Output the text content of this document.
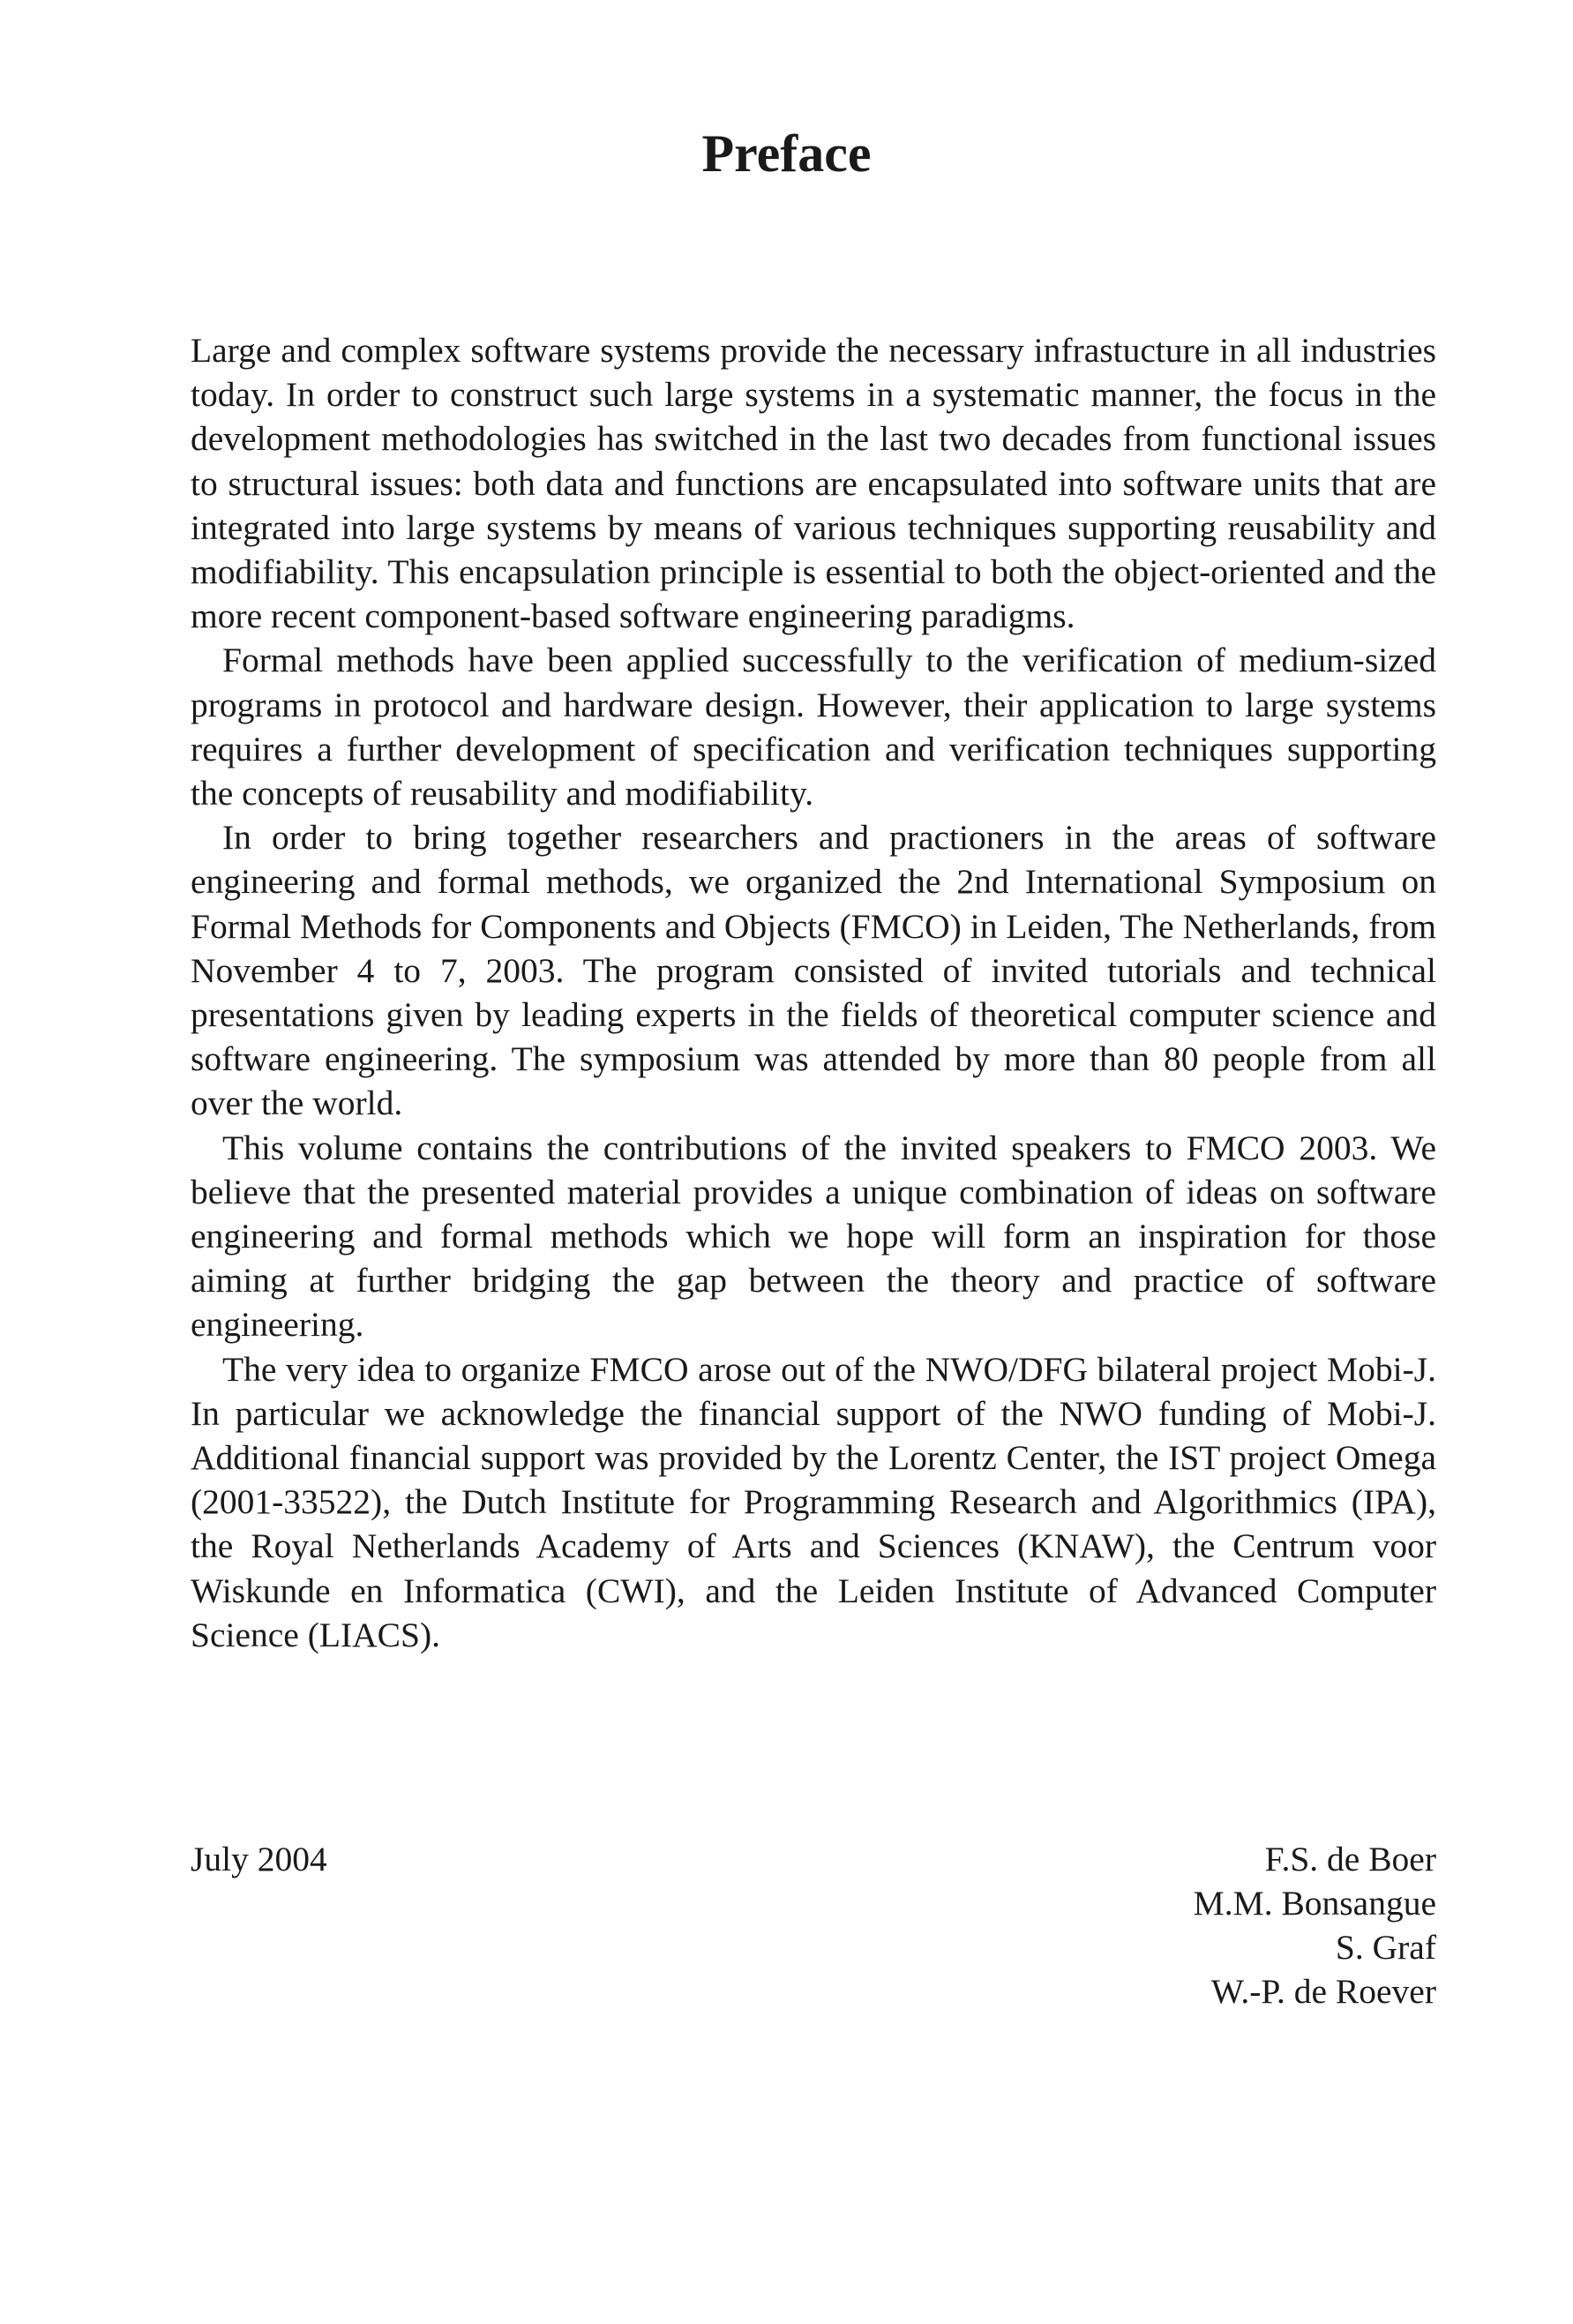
Preface

Large and complex software systems provide the necessary infrastucture in all industries today. In order to construct such large systems in a systematic manner, the focus in the development methodologies has switched in the last two decades from functional issues to structural issues: both data and functions are encapsulated into software units that are integrated into large systems by means of various techniques supporting reusability and modifiability. This encapsulation principle is essential to both the object-oriented and the more recent component-based software engineering paradigms.

Formal methods have been applied successfully to the verification of medium-sized programs in protocol and hardware design. However, their application to large systems requires a further development of specification and verification techniques supporting the concepts of reusability and modifiability.

In order to bring together researchers and practioners in the areas of software engineering and formal methods, we organized the 2nd International Symposium on Formal Methods for Components and Objects (FMCO) in Leiden, The Netherlands, from November 4 to 7, 2003. The program consisted of invited tutorials and technical presentations given by leading experts in the fields of theoretical computer science and software engineering. The symposium was attended by more than 80 people from all over the world.

This volume contains the contributions of the invited speakers to FMCO 2003. We believe that the presented material provides a unique combination of ideas on software engineering and formal methods which we hope will form an inspiration for those aiming at further bridging the gap between the theory and practice of software engineering.

The very idea to organize FMCO arose out of the NWO/DFG bilateral project Mobi-J. In particular we acknowledge the financial support of the NWO funding of Mobi-J. Additional financial support was provided by the Lorentz Center, the IST project Omega (2001-33522), the Dutch Institute for Programming Research and Algorithmics (IPA), the Royal Netherlands Academy of Arts and Sciences (KNAW), the Centrum voor Wiskunde en Informatica (CWI), and the Leiden Institute of Advanced Computer Science (LIACS).

July 2004	F.S. de Boer
M.M. Bonsangue
S. Graf
W.-P. de Roever
